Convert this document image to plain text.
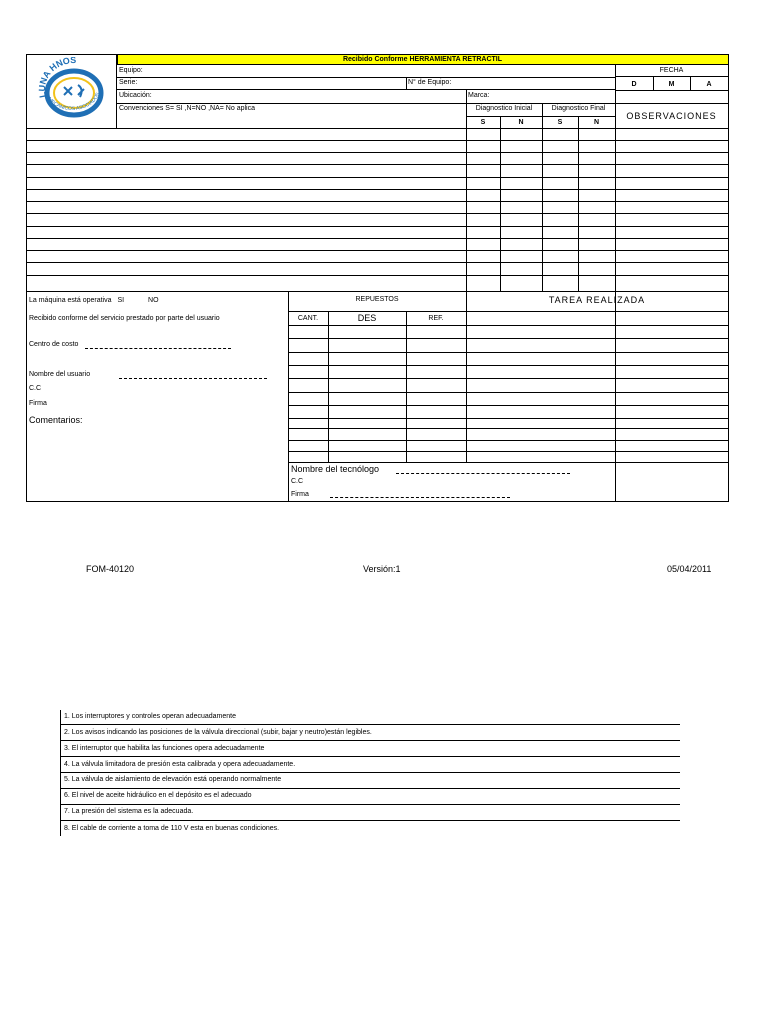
LUNA HNOS
MECANICOS ASOCIADOS
Recibido Conforme HERRAMIENTA RETRACTIL
FECHA
D	M	A
OBSERVACIONES
Equipo:
Serie:	N° de Equipo:
Ubicación:	Marca:
Convenciones S= SI ,N=NO ,NA= No aplica	Diagnostico Inicial	Diagnostico Final
S	N	S	N
La máquina está operativa SI	NO
Recibido conforme del servicio prestado por parte del usuario
Centro de costo
Nombre del usuario
C.C
Firma
Comentarios:
REPUESTOS
CANT.	DES	REF.
TAREA REALIZADA
Nombre del tecnólogo
C.C
Firma
FOM-40120	Versión:1	05/04/2011
1. Los interruptores y controles operan adecuadamente
2. Los avisos indicando las posiciones de la válvula direccional (subir, bajar y neutro)están legibles.
3. El interruptor que habilita las funciones opera adecuadamente
4. La válvula limitadora de presión esta calibrada y opera adecuadamente.
5. La válvula de aislamiento de elevación está operando normalmente
6. El nivel de aceite hidráulico en el depósito es el adecuado
7. La presión del sistema es la adecuada.
8. El cable de corriente a toma de 110 V esta en buenas condiciones.
